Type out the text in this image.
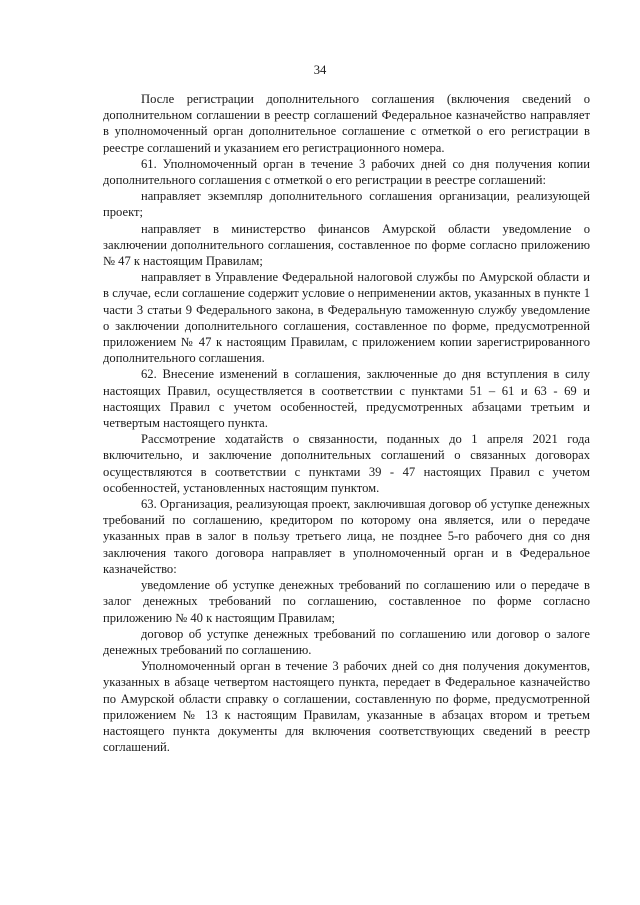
34

После регистрации дополнительного соглашения (включения сведений о дополнительном соглашении в реестр соглашений Федеральное казначейство направляет в уполномоченный орган дополнительное соглашение с отметкой о его регистрации в реестре соглашений и указанием его регистрационного номера.

61. Уполномоченный орган в течение 3 рабочих дней со дня получения копии дополнительного соглашения с отметкой о его регистрации в реестре соглашений:

направляет экземпляр дополнительного соглашения организации, реализующей проект;

направляет в министерство финансов Амурской области уведомление о заключении дополнительного соглашения, составленное по форме согласно приложению № 47 к настоящим Правилам;

направляет в Управление Федеральной налоговой службы по Амурской области и в случае, если соглашение содержит условие о неприменении актов, указанных в пункте 1 части 3 статьи 9 Федерального закона, в Федеральную таможенную службу уведомление о заключении дополнительного соглашения, составленное по форме, предусмотренной приложением № 47 к настоящим Правилам, с приложением копии зарегистрированного дополнительного соглашения.

62. Внесение изменений в соглашения, заключенные до дня вступления в силу настоящих Правил, осуществляется в соответствии с пунктами 51 – 61 и 63 - 69 и настоящих Правил с учетом особенностей, предусмотренных абзацами третьим и четвертым настоящего пункта.

Рассмотрение ходатайств о связанности, поданных до 1 апреля 2021 года включительно, и заключение дополнительных соглашений о связанных договорах осуществляются в соответствии с пунктами 39 - 47 настоящих Правил с учетом особенностей, установленных настоящим пунктом.

63. Организация, реализующая проект, заключившая договор об уступке денежных требований по соглашению, кредитором по которому она является, или о передаче указанных прав в залог в пользу третьего лица, не позднее 5-го рабочего дня со дня заключения такого договора направляет в уполномоченный орган и в Федеральное казначейство:

уведомление об уступке денежных требований по соглашению или о передаче в залог денежных требований по соглашению, составленное по форме согласно приложению № 40 к настоящим Правилам;

договор об уступке денежных требований по соглашению или договор о залоге денежных требований по соглашению.

Уполномоченный орган в течение 3 рабочих дней со дня получения документов, указанных в абзаце четвертом настоящего пункта, передает в Федеральное казначейство по Амурской области справку о соглашении, составленную по форме, предусмотренной приложением № 13 к настоящим Правилам, указанные в абзацах втором и третьем настоящего пункта документы для включения соответствующих сведений в реестр соглашений.
